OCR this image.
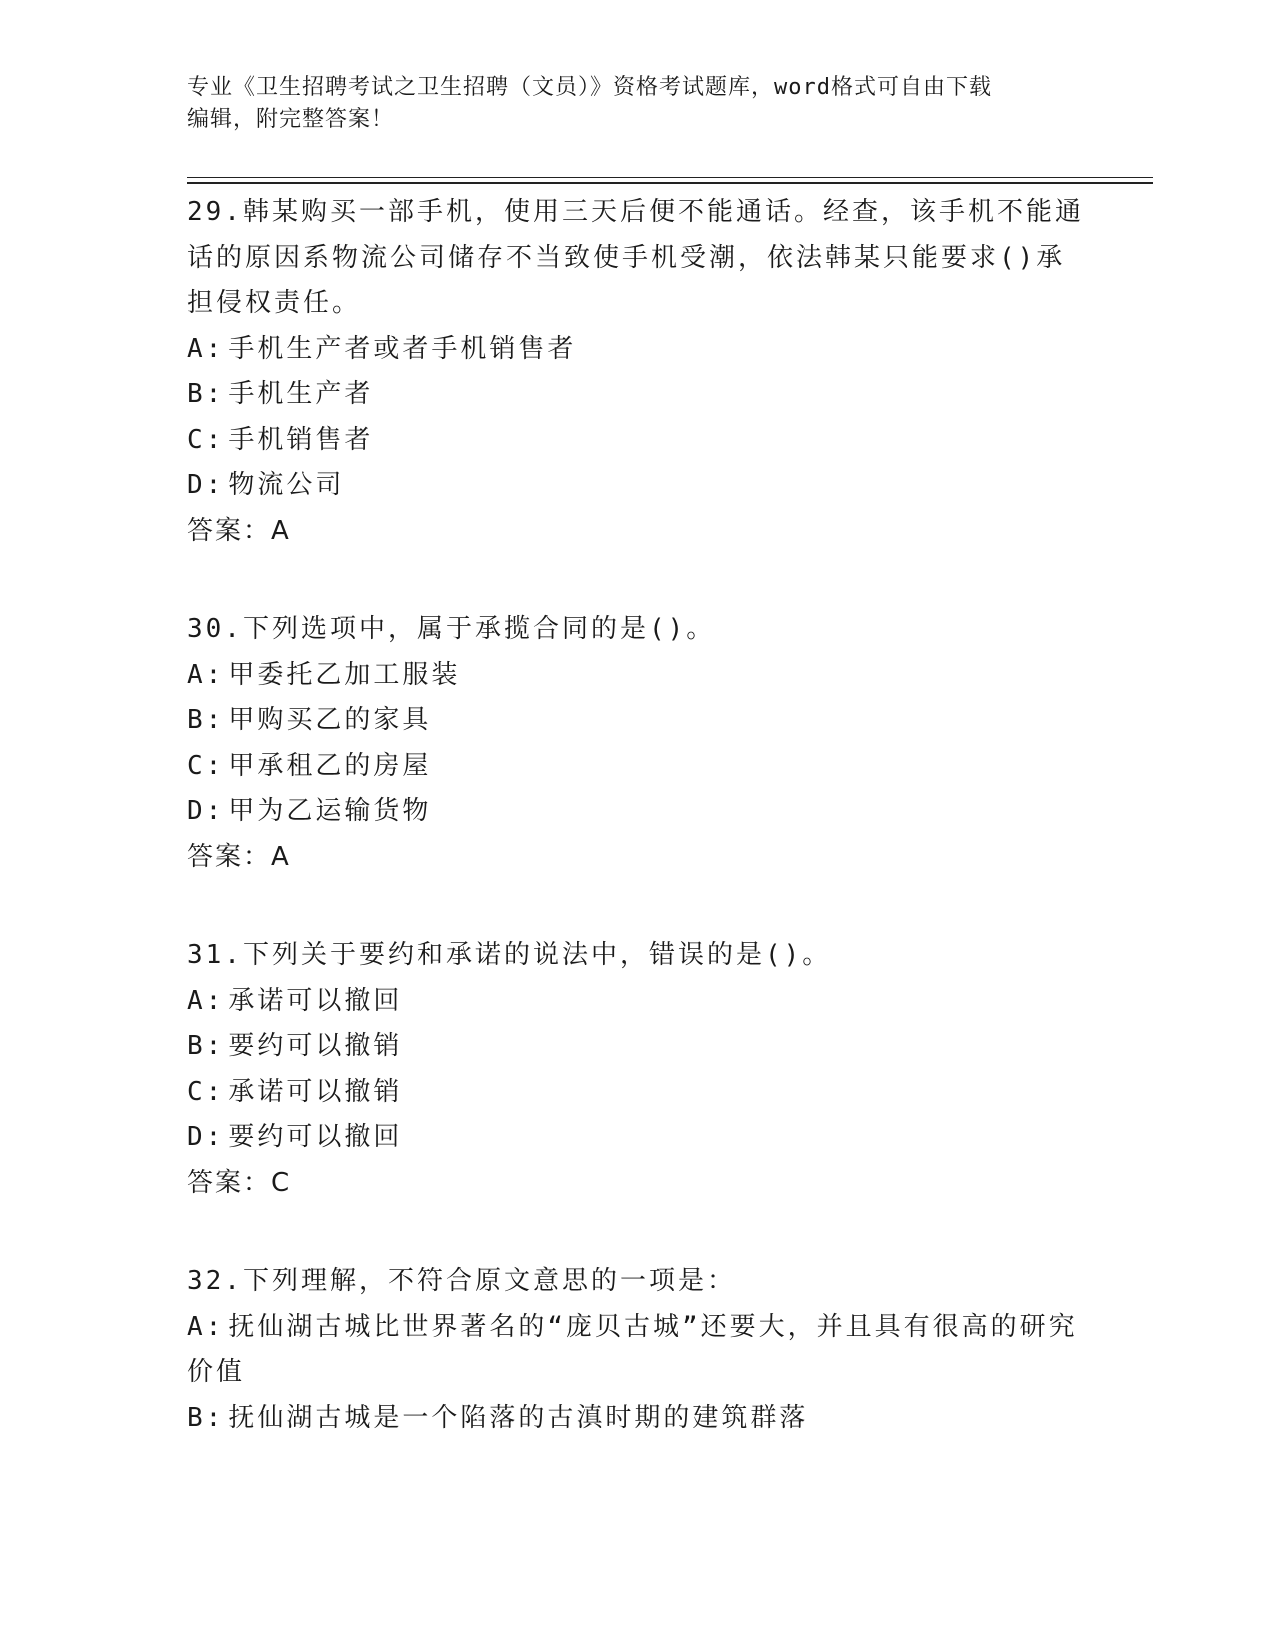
专业《卫生招聘考试之卫生招聘（文员）》资格考试题库，word格式可自由下载
编辑，附完整答案！

29.韩某购买一部手机，使用三天后便不能通话。经查，该手机不能通话的原因系物流公司储存不当致使手机受潮，依法韩某只能要求()承担侵权责任。

A: 手机生产者或者手机销售者

B: 手机生产者

C: 手机销售者

D: 物流公司

答案：A

30.下列选项中，属于承揽合同的是()。

A: 甲委托乙加工服装

B: 甲购买乙的家具

C: 甲承租乙的房屋

D: 甲为乙运输货物

答案：A

31.下列关于要约和承诺的说法中，错误的是()。

A: 承诺可以撤回

B: 要约可以撤销

C: 承诺可以撤销

D: 要约可以撤回

答案：C

32.下列理解，不符合原文意思的一项是：

A: 抚仙湖古城比世界著名的“庞贝古城”还要大，并且具有很高的研究价值

B: 抚仙湖古城是一个陷落的古滇时期的建筑群落
